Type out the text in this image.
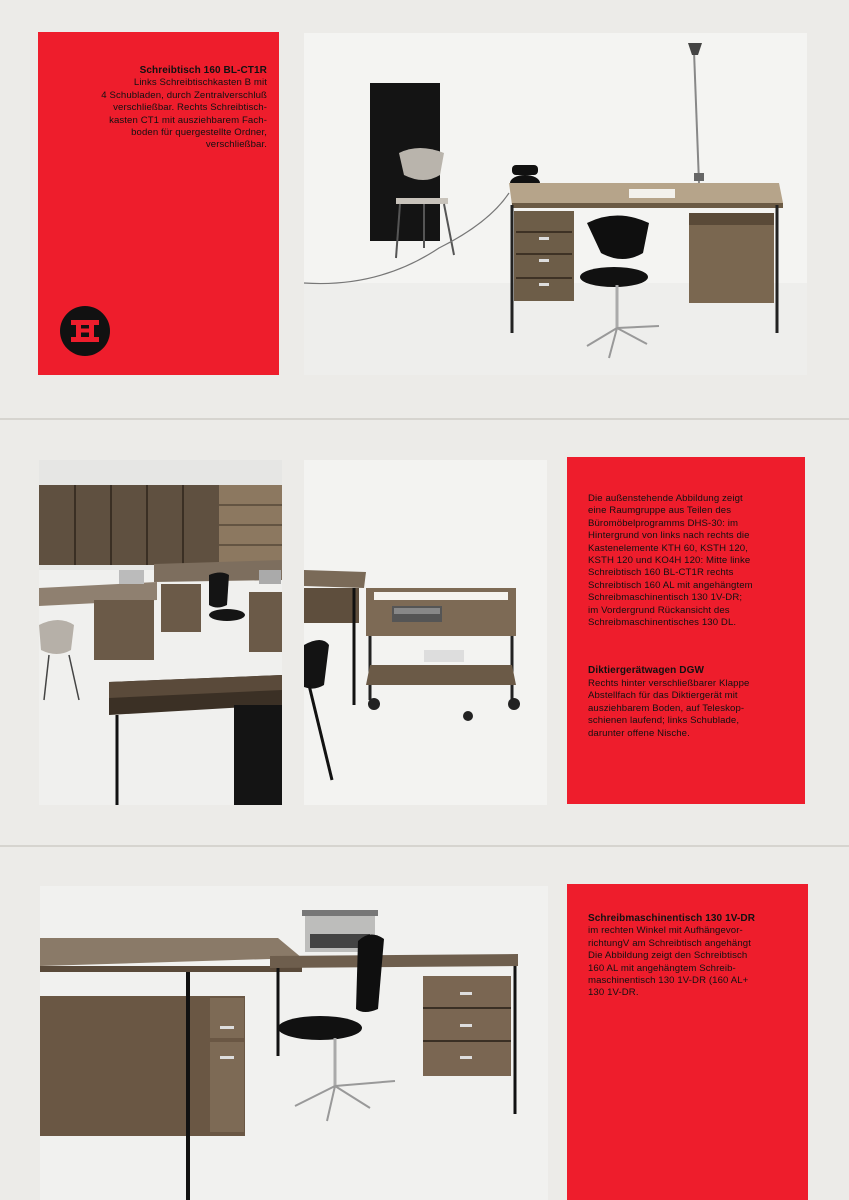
Schreibtisch 160 BL-CT1R

Links Schreibtischkasten B mit

4 Schubladen, durch Zentralverschluß

verschließbar. Rechts Schreibtisch-

kasten CT1 mit ausziehbarem Fach-

boden für quergestellte Ordner,

verschließbar.

Die außenstehende Abbildung zeigt

eine Raumgruppe aus Teilen des

Büromöbelprogramms DHS-30: im

Hintergrund von links nach rechts die

Kastenelemente KTH 60, KSTH 120,

KSTH 120 und KO4H 120: Mitte linke

Schreibtisch 160 BL-CT1R rechts

Schreibtisch 160 AL mit angehängtem

Schreibmaschinentisch 130 1V-DR;

im Vordergrund Rückansicht des

Schreibmaschinentisches 130 DL.

Diktiergerätwagen DGW

Rechts hinter verschließbarer Klappe

Abstellfach für das Diktiergerät mit

ausziehbarem Boden, auf Teleskop-

schienen laufend; links Schublade,

darunter offene Nische.

Schreibmaschinentisch 130 1V-DR

im rechten Winkel mit Aufhängevor-

richtungV am Schreibtisch angehängt

Die Abbildung zeigt den Schreibtisch

160 AL mit angehängtem Schreib-

maschinentisch 130 1V-DR (160 AL+

130 1V-DR.
